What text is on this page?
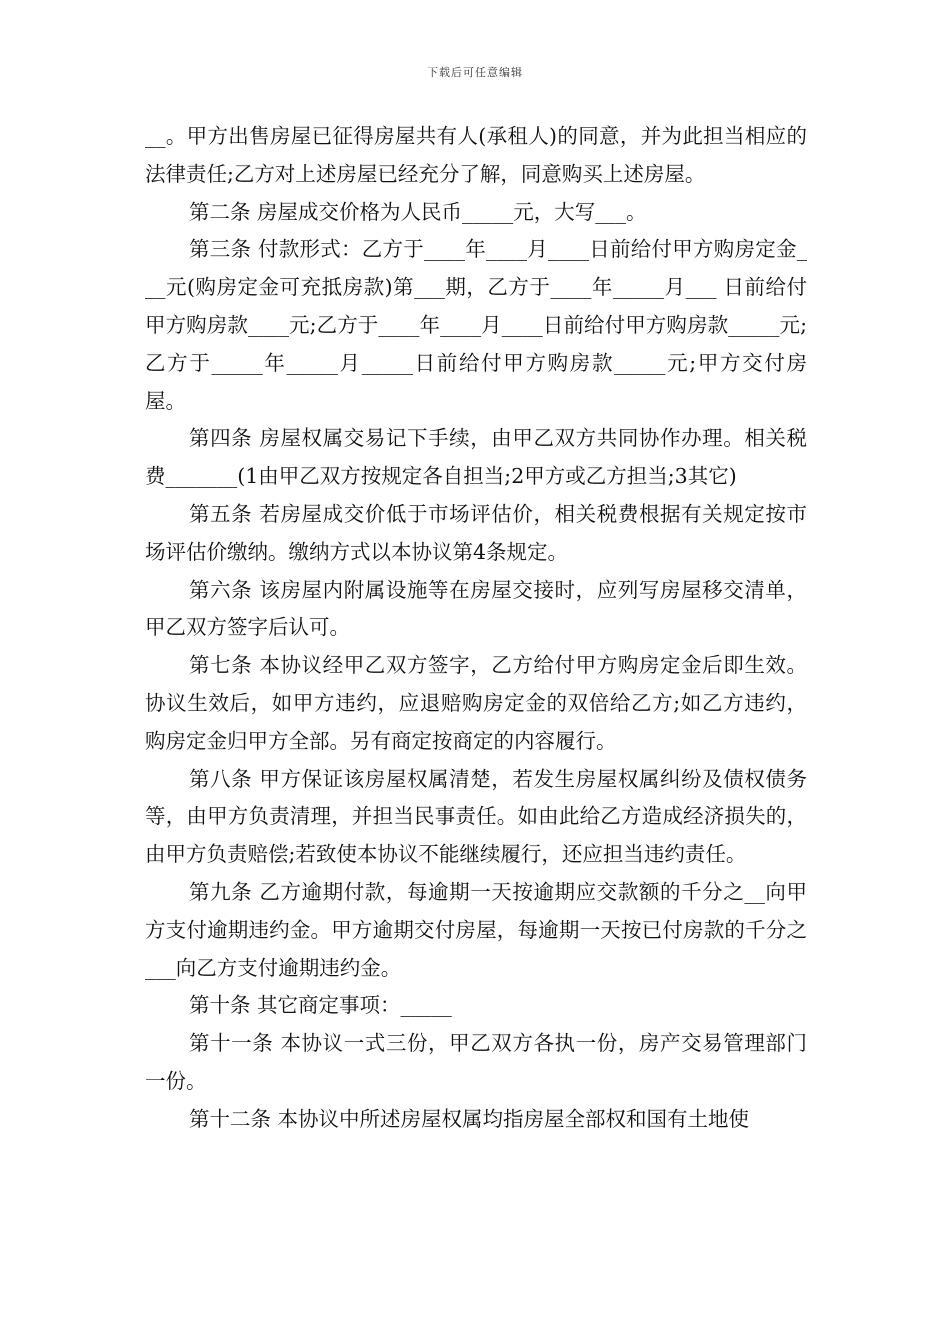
下载后可任意编辑

__。甲方出售房屋已征得房屋共有人(承租人)的同意，并为此担当相应的法律责任;乙方对上述房屋已经充分了解，同意购买上述房屋。

第二条 房屋成交价格为人民币_____元，大写___。

第三条 付款形式：乙方于____年____月____日前给付甲方购房定金___元(购房定金可充抵房款)第___期，乙方于____年_____月___ 日前给付甲方购房款____元;乙方于____年____月____日前给付甲方购房款_____元;乙方于_____年_____月_____日前给付甲方购房款_____元;甲方交付房屋。

第四条 房屋权属交易记下手续，由甲乙双方共同协作办理。相关税费_______(1由甲乙双方按规定各自担当;2甲方或乙方担当;3其它)

第五条 若房屋成交价低于市场评估价，相关税费根据有关规定按市场评估价缴纳。缴纳方式以本协议第4条规定。

第六条 该房屋内附属设施等在房屋交接时，应列写房屋移交清单，甲乙双方签字后认可。

第七条 本协议经甲乙双方签字，乙方给付甲方购房定金后即生效。协议生效后，如甲方违约，应退赔购房定金的双倍给乙方;如乙方违约，购房定金归甲方全部。另有商定按商定的内容履行。

第八条 甲方保证该房屋权属清楚，若发生房屋权属纠纷及债权债务等，由甲方负责清理，并担当民事责任。如由此给乙方造成经济损失的，由甲方负责赔偿;若致使本协议不能继续履行，还应担当违约责任。

第九条 乙方逾期付款，每逾期一天按逾期应交款额的千分之__向甲方支付逾期违约金。甲方逾期交付房屋，每逾期一天按已付房款的千分之___向乙方支付逾期违约金。

第十条 其它商定事项：_____

第十一条 本协议一式三份，甲乙双方各执一份，房产交易管理部门一份。

第十二条 本协议中所述房屋权属均指房屋全部权和国有土地使
